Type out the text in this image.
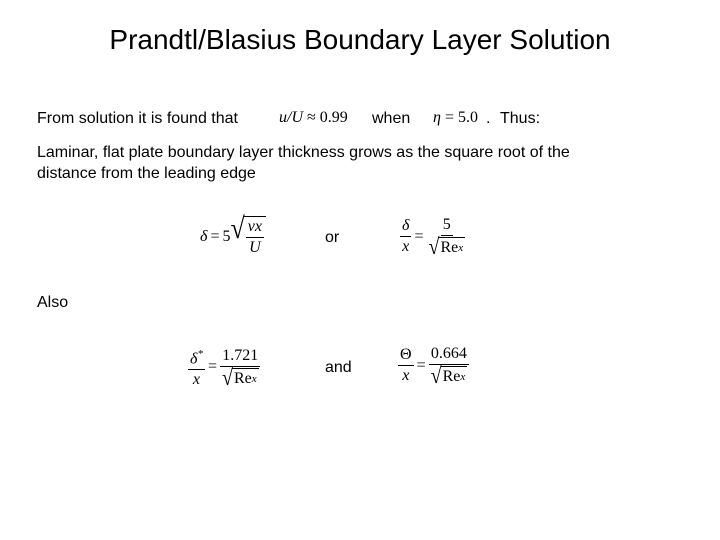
Prandtl/Blasius Boundary Layer Solution
From solution it is found that	u/U ≈ 0.99 when η = 5.0 . Thus:
Laminar, flat plate boundary layer thickness grows as the square root of the
distance from the leading edge
δ = 5 √ $\frac{\nu x}{U}$	or	$\frac{\delta}{x} = \frac{5}{\text{√ Re x}}$
Also
$\frac{\delta^*}{x} = \frac{1.721}{\text{√ Re x}}$	and	$\frac{\Theta}{x} = \frac{0.664}{\text{√ Re x}}$
